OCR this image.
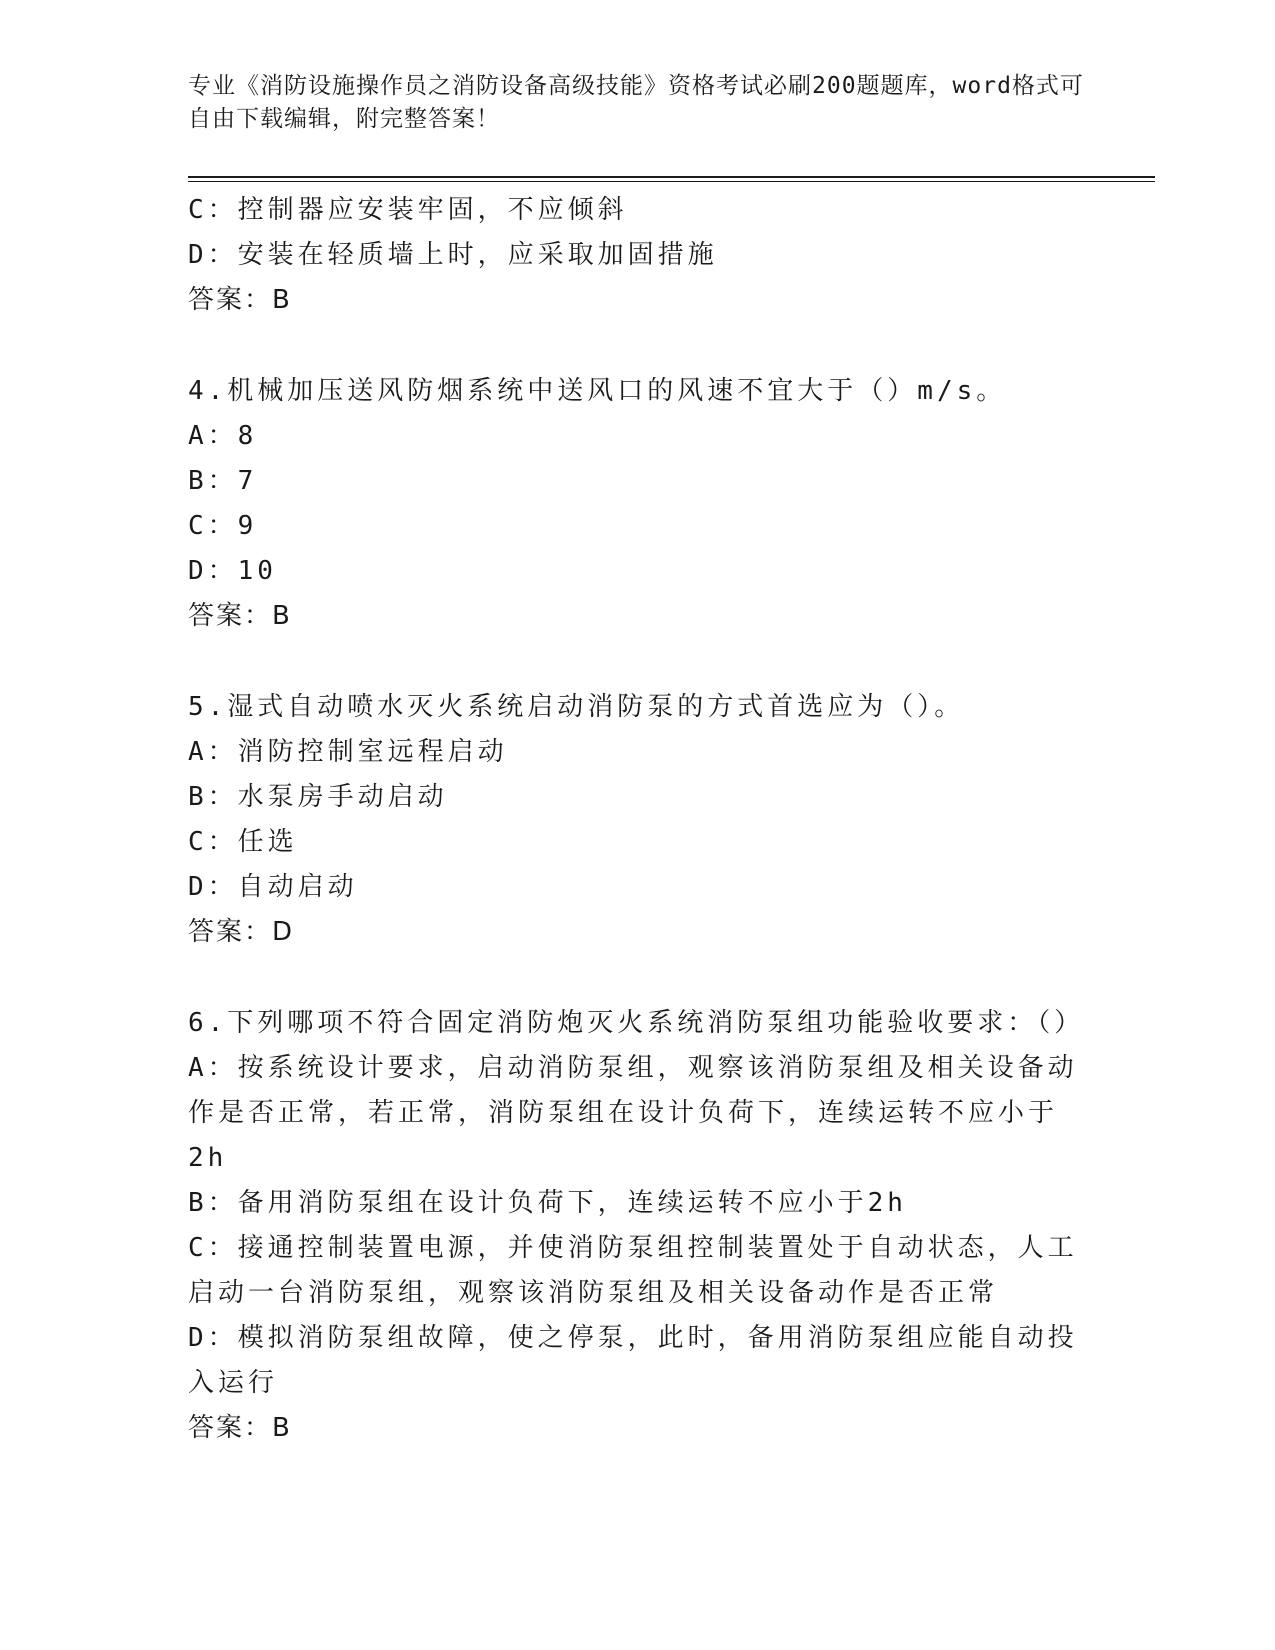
专业《消防设施操作员之消防设备高级技能》资格考试必刷200题题库，word格式可自由下载编辑，附完整答案！

C：控制器应安装牢固，不应倾斜

D：安装在轻质墙上时，应采取加固措施

答案：B

4.机械加压送风防烟系统中送风口的风速不宜大于（）m/s。

A：8

B：7

C：9

D：10

答案：B

5.湿式自动喷水灭火系统启动消防泵的方式首选应为（）。

A：消防控制室远程启动

B：水泵房手动启动

C：任选

D：自动启动

答案：D

6.下列哪项不符合固定消防炮灭火系统消防泵组功能验收要求：（）

A：按系统设计要求，启动消防泵组，观察该消防泵组及相关设备动作是否正常，若正常，消防泵组在设计负荷下，连续运转不应小于2h

B：备用消防泵组在设计负荷下，连续运转不应小于2h

C：接通控制装置电源，并使消防泵组控制装置处于自动状态，人工启动一台消防泵组，观察该消防泵组及相关设备动作是否正常

D：模拟消防泵组故障，使之停泵，此时，备用消防泵组应能自动投入运行

答案：B
